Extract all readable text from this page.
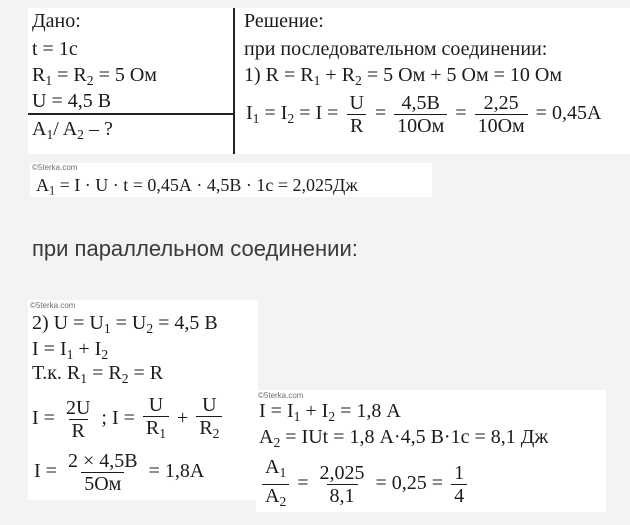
Дано:
t = 1с
$R_1 = R_2 = 5$ Ом
U = 4,5 В
$A_1/$ $A_2$ – ?
Решение:
при последовательном соединении:
1) $R = R_1 + R_2 = 5$ Ом + 5 Ом = 10 Ом
$I_1 = I_2 = I = \frac{U}{R} = \frac{4,5В}{10Ом} = \frac{2,25}{10Ом} = 0,45А$
©5terka.com
$A_1 = I \cdot U \cdot t = 0,45А \cdot 4,5В \cdot 1с = 2,025Дж$
при параллельном соединении:
©5terka.com
2) $U = U_1 = U_2 = 4,5$ В
$I = I_1 + I_2$
Т.к. $R_1 = R_2 = R$
$I = \frac{2U}{R}$ ; $I = \frac{U}{R_1} + \frac{U}{R_2}$
$I = \frac{2 \times 4,5В}{5Ом} = 1,8А$
©5terka.com
$I = I_1 + I_2 = 1,8$ А
$A_2$ = IUt = 1,8 А·4,5 В·1с = 8,1 Дж
$\frac{A_1}{A_2} = \frac{2,025}{8,1} = 0,25 = \frac{1}{4}$
